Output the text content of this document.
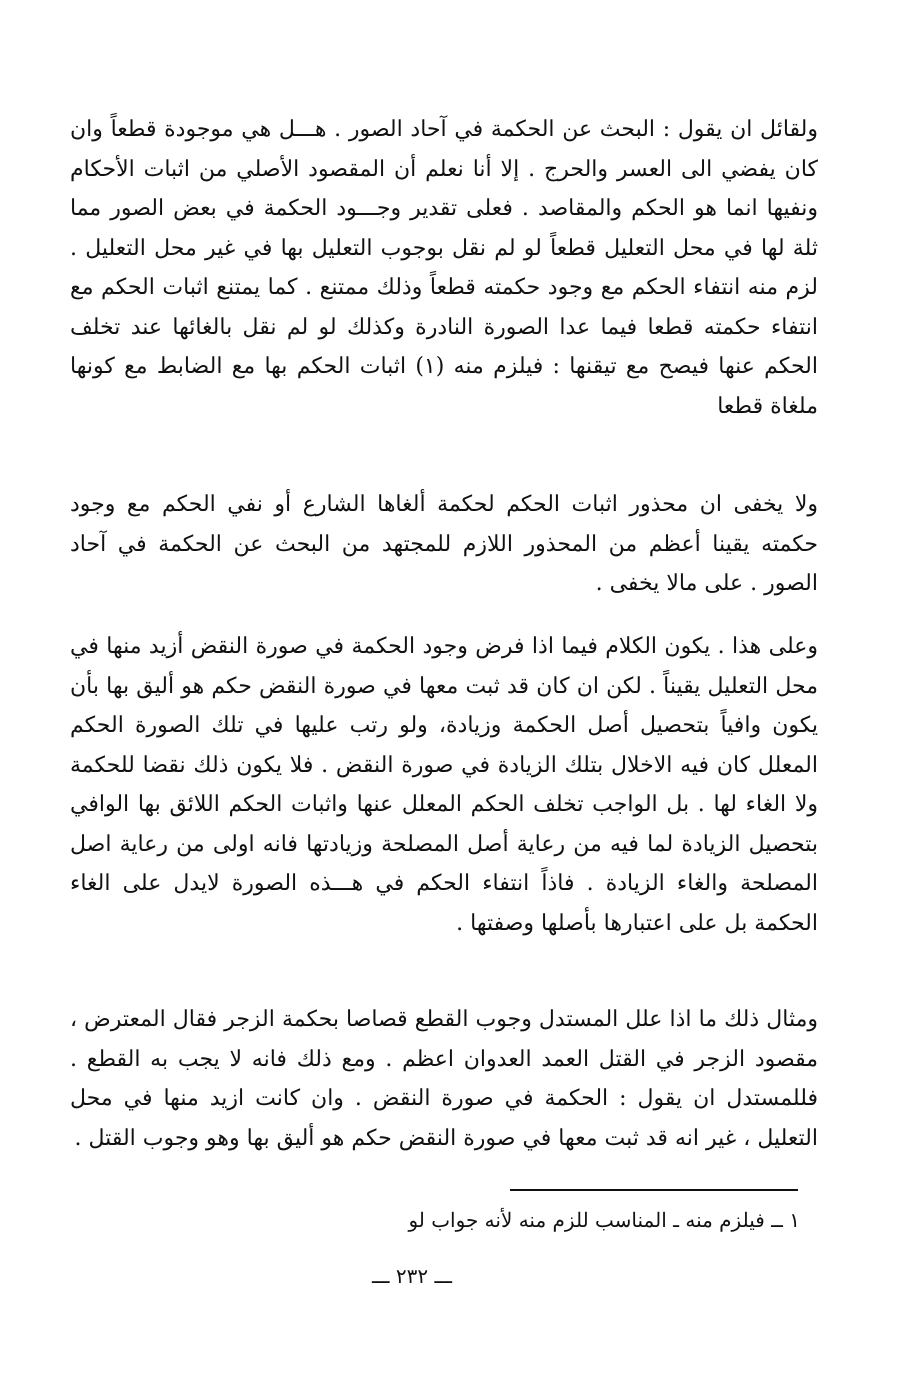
ولقائل ان يقول : البحث عن الحكمة في آحاد الصور . هـــل هي موجودة قطعاً وان كان يفضي الى العسر والحرج . إلا أنا نعلم أن المقصود الأصلي من اثبات الأحكام ونفيها انما هو الحكم والمقاصد . فعلى تقدير وجـــود الحكمة في بعض الصور مما ثلة لها في محل التعليل قطعاً لو لم نقل بوجوب التعليل بها في غير محل التعليل . لزم منه انتفاء الحكم مع وجود حكمته قطعاً وذلك ممتنع . كما يمتنع اثبات الحكم مع انتفاء حكمته قطعا فيما عدا الصورة النادرة وكذلك لو لم نقل بالغائها عند تخلف الحكم عنها فيصح مع تيقنها : فيلزم منه (١) اثبات الحكم بها مع الضابط مع كونها ملغاة قطعا

ولا يخفى ان محذور اثبات الحكم لحكمة ألغاها الشارع أو نفي الحكم مع وجود حكمته يقينا أعظم من المحذور اللازم للمجتهد من البحث عن الحكمة في آحاد الصور . على مالا يخفى .

وعلى هذا . يكون الكلام فيما اذا فرض وجود الحكمة في صورة النقض أزيد منها في محل التعليل يقيناً . لكن ان كان قد ثبت معها في صورة النقض حكم هو أليق بها بأن يكون وافياً بتحصيل أصل الحكمة وزيادة، ولو رتب عليها في تلك الصورة الحكم المعلل كان فيه الاخلال بتلك الزيادة في صورة النقض . فلا يكون ذلك نقضا للحكمة ولا الغاء لها . بل الواجب تخلف الحكم المعلل عنها واثبات الحكم اللائق بها الوافي بتحصيل الزيادة لما فيه من رعاية أصل المصلحة وزيادتها فانه اولى من رعاية اصل المصلحة والغاء الزيادة . فاذاً انتفاء الحكم في هـــذه الصورة لايدل على الغاء الحكمة بل على اعتبارها بأصلها وصفتها .

ومثال ذلك ما اذا علل المستدل وجوب القطع قصاصا بحكمة الزجر فقال المعترض ، مقصود الزجر في القتل العمد العدوان اعظم . ومع ذلك فانه لا يجب به القطع . فللمستدل ان يقول : الحكمة في صورة النقض . وان كانت ازيد منها في محل التعليل ، غير انه قد ثبت معها في صورة النقض حكم هو أليق بها وهو وجوب القتل .

١ ــ فيلزم منه ـ المناسب للزم منه لأنه جواب لو

ـــ ٢٣٢ ـــ
